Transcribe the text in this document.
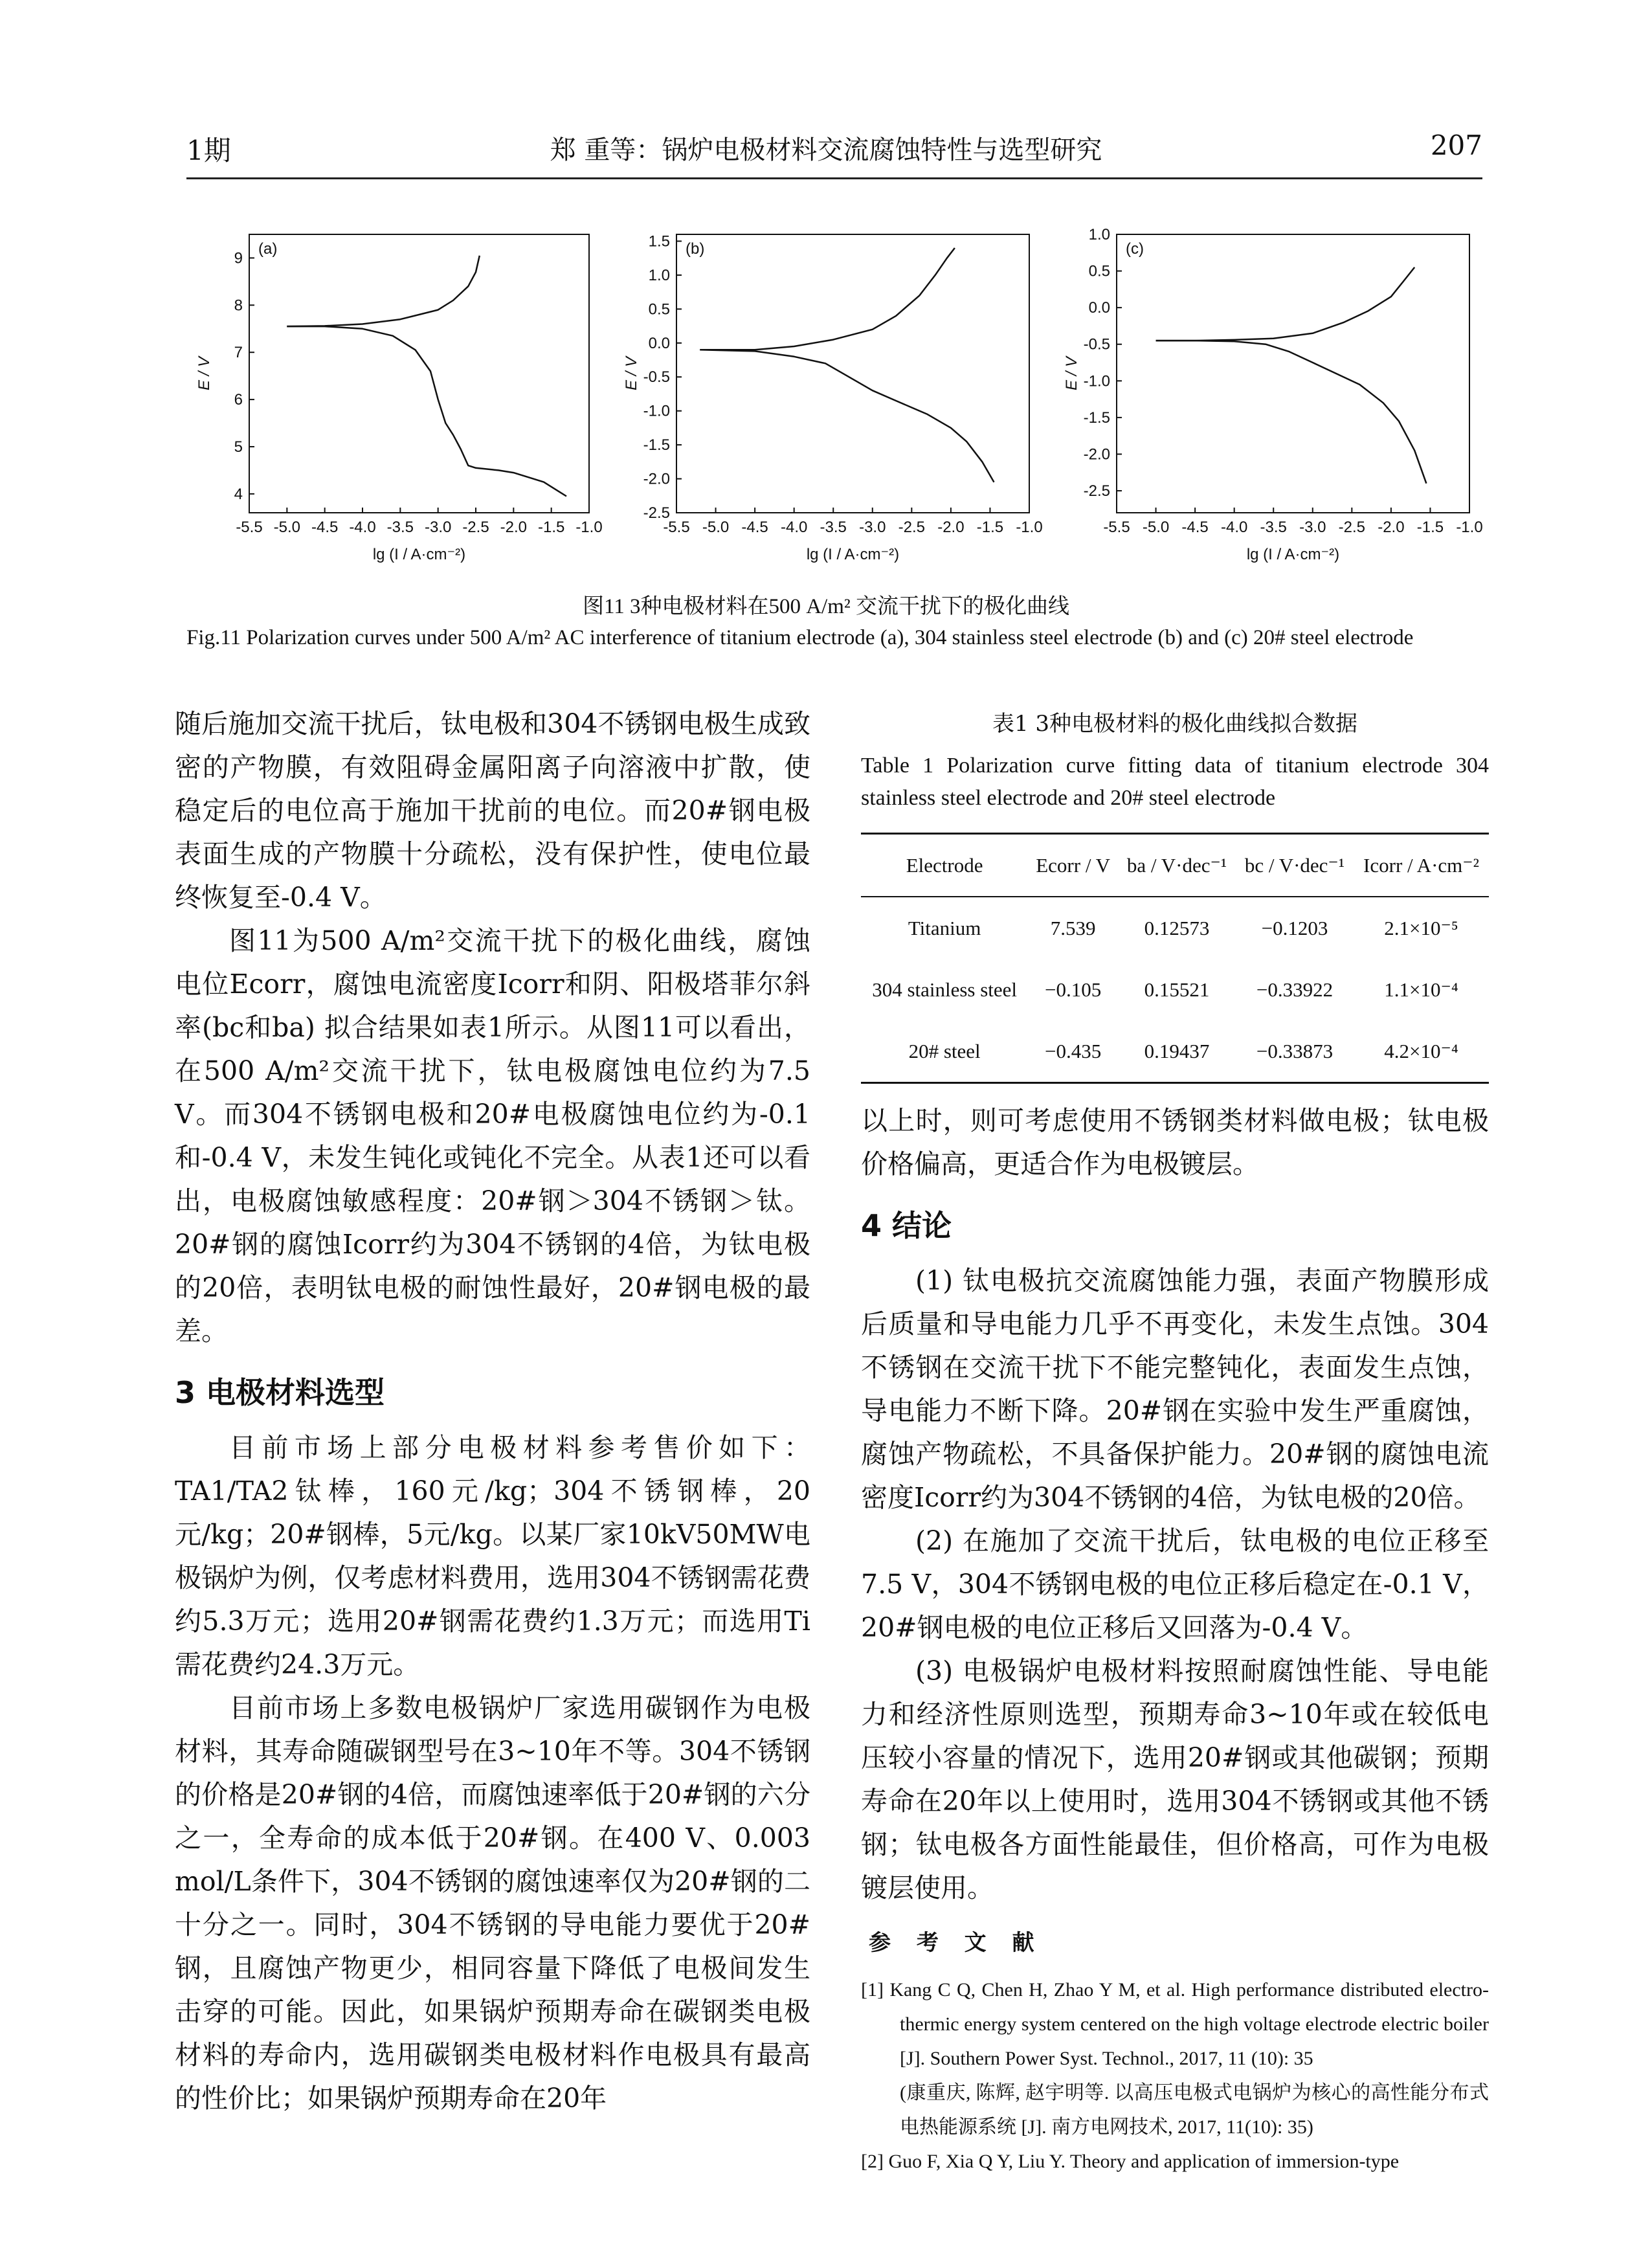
1期	郑 重等：锅炉电极材料交流腐蚀特性与选型研究	207
-5.5 -5.0 -4.5 -4.0 -3.5 -3.0 -2.5 -2.0 -1.5 -1.0
4
5
6
7
8
9
lg (I / A·cm⁻²)
E / V
(a)
-5.5 -5.0 -4.5 -4.0 -3.5 -3.0 -2.5 -2.0 -1.5 -1.0
-2.5
-2.0
-1.5
-1.0
-0.5
0.0
0.5
1.0
1.5
lg (I / A·cm⁻²)
E / V
(b)
-5.5 -5.0 -4.5 -4.0 -3.5 -3.0 -2.5 -2.0 -1.5 -1.0
-2.5
-2.0
-1.5
-1.0
-0.5
0.0
0.5
1.0
lg (I / A·cm⁻²)
E / V
(c)
图11 3种电极材料在500 A/m² 交流干扰下的极化曲线
Fig.11 Polarization curves under 500 A/m² AC interference of titanium electrode (a), 304 stainless steel electrode (b) and (c) 20# steel electrode

随后施加交流干扰后，钛电极和304不锈钢电极生成致密的产物膜，有效阻碍金属阳离子向溶液中扩散，使稳定后的电位高于施加干扰前的电位。而20#钢电极表面生成的产物膜十分疏松，没有保护性，使电位最终恢复至-0.4 V。

图11为500 A/m²交流干扰下的极化曲线，腐蚀电位Ecorr，腐蚀电流密度Icorr和阴、阳极塔菲尔斜率(bc和ba) 拟合结果如表1所示。从图11可以看出，在500 A/m²交流干扰下，钛电极腐蚀电位约为7.5 V。而304不锈钢电极和20#电极腐蚀电位约为-0.1和-0.4 V，未发生钝化或钝化不完全。从表1还可以看出，电极腐蚀敏感程度：20#钢＞304不锈钢＞钛。20#钢的腐蚀Icorr约为304不锈钢的4倍，为钛电极的20倍，表明钛电极的耐蚀性最好，20#钢电极的最差。

3 电极材料选型

目前市场上部分电极材料参考售价如下：TA1/TA2钛棒，160元/kg；304不锈钢棒，20元/kg；20#钢棒，5元/kg。以某厂家10kV50MW电极锅炉为例，仅考虑材料费用，选用304不锈钢需花费约5.3万元；选用20#钢需花费约1.3万元；而选用Ti需花费约24.3万元。

目前市场上多数电极锅炉厂家选用碳钢作为电极材料，其寿命随碳钢型号在3~10年不等。304不锈钢的价格是20#钢的4倍，而腐蚀速率低于20#钢的六分之一，全寿命的成本低于20#钢。在400 V、0.003 mol/L条件下，304不锈钢的腐蚀速率仅为20#钢的二十分之一。同时，304不锈钢的导电能力要优于20#钢，且腐蚀产物更少，相同容量下降低了电极间发生击穿的可能。因此，如果锅炉预期寿命在碳钢类电极材料的寿命内，选用碳钢类电极材料作电极具有最高的性价比；如果锅炉预期寿命在20年

表1 3种电极材料的极化曲线拟合数据
Table 1 Polarization curve fitting data of titanium electrode 304 stainless steel electrode and 20# steel electrode
Electrode	Ecorr / V	ba / V·dec⁻¹	bc / V·dec⁻¹	Icorr / A·cm⁻²
Titanium	7.539	0.12573	−0.1203	2.1×10⁻⁵
304 stainless steel	−0.105	0.15521	−0.33922	1.1×10⁻⁴
20# steel	−0.435	0.19437	−0.33873	4.2×10⁻⁴

以上时，则可考虑使用不锈钢类材料做电极；钛电极价格偏高，更适合作为电极镀层。

4 结论

(1) 钛电极抗交流腐蚀能力强，表面产物膜形成后质量和导电能力几乎不再变化，未发生点蚀。304不锈钢在交流干扰下不能完整钝化，表面发生点蚀，导电能力不断下降。20#钢在实验中发生严重腐蚀，腐蚀产物疏松，不具备保护能力。20#钢的腐蚀电流密度Icorr约为304不锈钢的4倍，为钛电极的20倍。

(2) 在施加了交流干扰后，钛电极的电位正移至7.5 V，304不锈钢电极的电位正移后稳定在-0.1 V，20#钢电极的电位正移后又回落为-0.4 V。

(3) 电极锅炉电极材料按照耐腐蚀性能、导电能力和经济性原则选型，预期寿命3~10年或在较低电压较小容量的情况下，选用20#钢或其他碳钢；预期寿命在20年以上使用时，选用304不锈钢或其他不锈钢；钛电极各方面性能最佳，但价格高，可作为电极镀层使用。

参 考 文 献

[1] Kang C Q, Chen H, Zhao Y M, et al. High performance distributed electro-thermic energy system centered on the high voltage electrode electric boiler [J]. Southern Power Syst. Technol., 2017, 11 (10): 35

(康重庆, 陈辉, 赵宇明等. 以高压电极式电锅炉为核心的高性能分布式电热能源系统 [J]. 南方电网技术, 2017, 11(10): 35)

[2] Guo F, Xia Q Y, Liu Y. Theory and application of immersion-type
